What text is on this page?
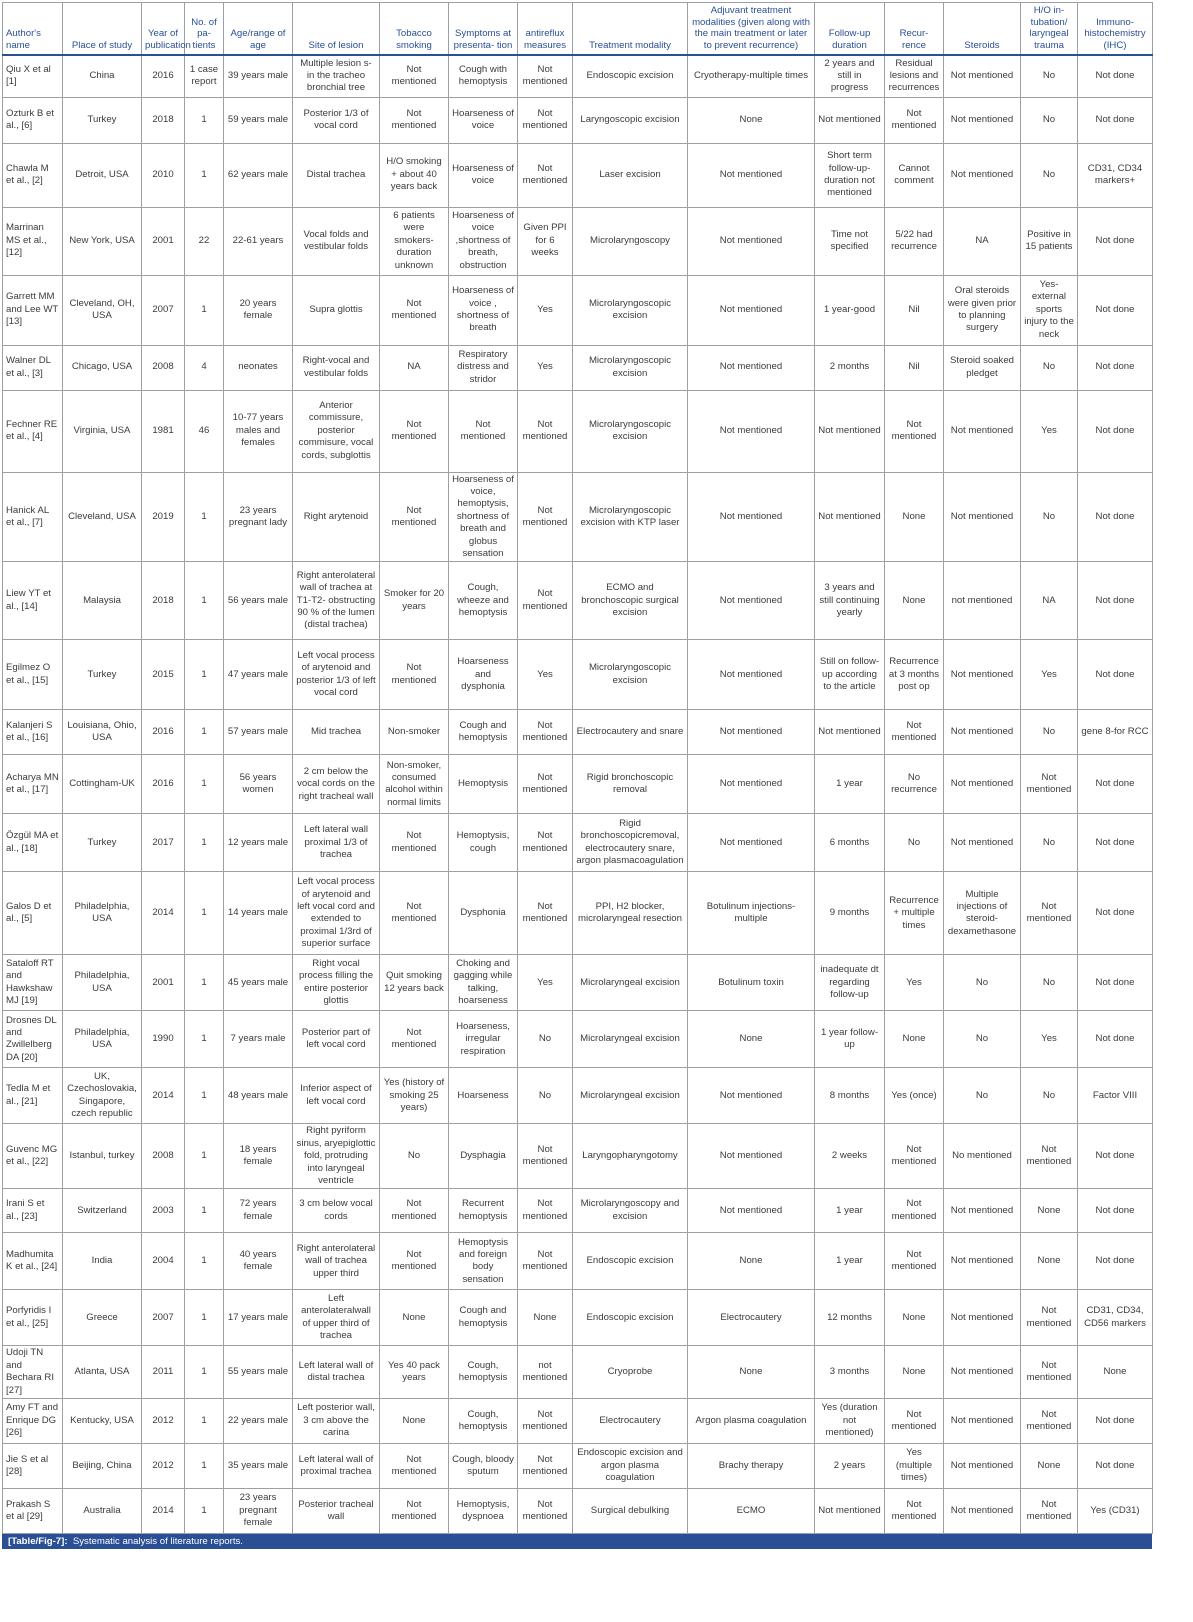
Author's name	Place of study	Year of publication	No. of pa- tients	Age/range of age	Site of lesion	Tobacco smoking	Symptoms at presenta- tion	antireflux measures	Treatment modality	Adjuvant treatment modalities (given along with the main treatment or later to prevent recurrence)	Follow-up duration	Recur- rence	Steroids	H/O in- tubation/ laryngeal trauma	Immuno- histochemistry (IHC)
Qiu X et al [1]	China	2016	1 case report	39 years male	Multiple lesion s- in the tracheo bronchial tree	Not mentioned	Cough with hemoptysis	Not mentioned	Endoscopic excision	Cryotherapy-multiple times	2 years and still in progress	Residual lesions and recurrences	Not mentioned	No	Not done
Ozturk B et al., [6]	Turkey	2018	1	59 years male	Posterior 1/3 of vocal cord	Not mentioned	Hoarseness of voice	Not mentioned	Laryngoscopic excision	None	Not mentioned	Not mentioned	Not mentioned	No	Not done
Chawla M et al., [2]	Detroit, USA	2010	1	62 years male	Distal trachea	H/O smoking + about 40 years back	Hoarseness of voice	Not mentioned	Laser excision	Not mentioned	Short term follow-up- duration not mentioned	Cannot comment	Not mentioned	No	CD31, CD34 markers+
Marrinan MS et al., [12]	New York, USA	2001	22	22-61 years	Vocal folds and vestibular folds	6 patients were smokers- duration unknown	Hoarseness of voice ,shortness of breath, obstruction	Given PPI for 6 weeks	Microlaryngoscopy	Not mentioned	Time not specified	5/22 had recurrence	NA	Positive in 15 patients	Not done
Garrett MM and Lee WT [13]	Cleveland, OH, USA	2007	1	20 years female	Supra glottis	Not mentioned	Hoarseness of voice , shortness of breath	Yes	Microlaryngoscopic excision	Not mentioned	1 year-good	Nil	Oral steroids were given prior to planning surgery	Yes- external sports injury to the neck	Not done
Walner DL et al., [3]	Chicago, USA	2008	4	neonates	Right-vocal and vestibular folds	NA	Respiratory distress and stridor	Yes	Microlaryngoscopic excision	Not mentioned	2 months	Nil	Steroid soaked pledget	No	Not done
Fechner RE et al., [4]	Virginia, USA	1981	46	10-77 years males and females	Anterior commissure, posterior commisure, vocal cords, subglottis	Not mentioned	Not mentioned	Not mentioned	Microlaryngoscopic excision	Not mentioned	Not mentioned	Not mentioned	Not mentioned	Yes	Not done
Hanick AL et al., [7]	Cleveland, USA	2019	1	23 years pregnant lady	Right arytenoid	Not mentioned	Hoarseness of voice, hemoptysis, shortness of breath and globus sensation	Not mentioned	Microlaryngoscopic excision with KTP laser	Not mentioned	Not mentioned	None	Not mentioned	No	Not done
Liew YT et al., [14]	Malaysia	2018	1	56 years male	Right anterolateral wall of trachea at T1-T2- obstructing 90 % of the lumen (distal trachea)	Smoker for 20 years	Cough, wheeze and hemoptysis	Not mentioned	ECMO and bronchoscopic surgical excision	Not mentioned	3 years and still continuing yearly	None	not mentioned	NA	Not done
Egilmez O et al., [15]	Turkey	2015	1	47 years male	Left vocal process of arytenoid and posterior 1/3 of left vocal cord	Not mentioned	Hoarseness and dysphonia	Yes	Microlaryngoscopic excision	Not mentioned	Still on follow-up according to the article	Recurrence at 3 months post op	Not mentioned	Yes	Not done
Kalanjeri S et al., [16]	Louisiana, Ohio, USA	2016	1	57 years male	Mid trachea	Non-smoker	Cough and hemoptysis	Not mentioned	Electrocautery and snare	Not mentioned	Not mentioned	Not mentioned	Not mentioned	No	gene 8-for RCC
Acharya MN et al., [17]	Cottingham-UK	2016	1	56 years women	2 cm below the vocal cords on the right tracheal wall	Non-smoker, consumed alcohol within normal limits	Hemoptysis	Not mentioned	Rigid bronchoscopic removal	Not mentioned	1 year	No recurrence	Not mentioned	Not mentioned	Not done
Özgül MA et al., [18]	Turkey	2017	1	12 years male	Left lateral wall proximal 1/3 of trachea	Not mentioned	Hemoptysis, cough	Not mentioned	Rigid bronchoscopicremoval, electrocautery snare, argon plasmacoagulation	Not mentioned	6 months	No	Not mentioned	No	Not done
Galos D et al., [5]	Philadelphia, USA	2014	1	14 years male	Left vocal process of arytenoid and left vocal cord and extended to proximal 1/3rd of superior surface	Not mentioned	Dysphonia	Not mentioned	PPI, H2 blocker, microlaryngeal resection	Botulinum injections- multiple	9 months	Recurrence + multiple times	Multiple injections of steroid- dexamethasone	Not mentioned	Not done
Sataloff RT and Hawkshaw MJ [19]	Philadelphia, USA	2001	1	45 years male	Right vocal process filling the entire posterior glottis	Quit smoking 12 years back	Choking and gagging while talking, hoarseness	Yes	Microlaryngeal excision	Botulinum toxin	inadequate dt regarding follow-up	Yes	No	No	Not done
Drosnes DL and Zwillelberg DA [20]	Philadelphia, USA	1990	1	7 years male	Posterior part of left vocal cord	Not mentioned	Hoarseness, irregular respiration	No	Microlaryngeal excision	None	1 year follow- up	None	No	Yes	Not done
Tedla M et al., [21]	UK, Czechoslovakia, Singapore, czech republic	2014	1	48 years male	Inferior aspect of left vocal cord	Yes (history of smoking 25 years)	Hoarseness	No	Microlaryngeal excision	Not mentioned	8 months	Yes (once)	No	No	Factor VIII
Guvenc MG et al., [22]	Istanbul, turkey	2008	1	18 years female	Right pyriform sinus, aryepiglottic fold, protruding into laryngeal ventricle	No	Dysphagia	Not mentioned	Laryngopharyngotomy	Not mentioned	2 weeks	Not mentioned	No mentioned	Not mentioned	Not done
Irani S et al., [23]	Switzerland	2003	1	72 years female	3 cm below vocal cords	Not mentioned	Recurrent hemoptysis	Not mentioned	Microlaryngoscopy and excision	Not mentioned	1 year	Not mentioned	Not mentioned	None	Not done
Madhumita K et al., [24]	India	2004	1	40 years female	Right anterolateral wall of trachea upper third	Not mentioned	Hemoptysis and foreign body sensation	Not mentioned	Endoscopic excision	None	1 year	Not mentioned	Not mentioned	None	Not done
Porfyridis I et al., [25]	Greece	2007	1	17 years male	Left anterolateralwall of upper third of trachea	None	Cough and hemoptysis	None	Endoscopic excision	Electrocautery	12 months	None	Not mentioned	Not mentioned	CD31, CD34, CD56 markers
Udoji TN and Bechara RI [27]	Atlanta, USA	2011	1	55 years male	Left lateral wall of distal trachea	Yes 40 pack years	Cough, hemoptysis	not mentioned	Cryoprobe	None	3 months	None	Not mentioned	Not mentioned	None
Amy FT and Enrique DG [26]	Kentucky, USA	2012	1	22 years male	Left posterior wall, 3 cm above the carina	None	Cough, hemoptysis	Not mentioned	Electrocautery	Argon plasma coagulation	Yes (duration not mentioned)	Not mentioned	Not mentioned	Not mentioned	Not done
Jie S et al [28]	Beijing, China	2012	1	35 years male	Left lateral wall of proximal trachea	Not mentioned	Cough, bloody sputum	Not mentioned	Endoscopic excision and argon plasma coagulation	Brachy therapy	2 years	Yes (multiple times)	Not mentioned	None	Not done
Prakash S et al [29]	Australia	2014	1	23 years pregnant female	Posterior tracheal wall	Not mentioned	Hemoptysis, dyspnoea	Not mentioned	Surgical debulking	ECMO	Not mentioned	Not mentioned	Not mentioned	Not mentioned	Yes (CD31)
[Table/Fig-7]: Systematic analysis of literature reports.
